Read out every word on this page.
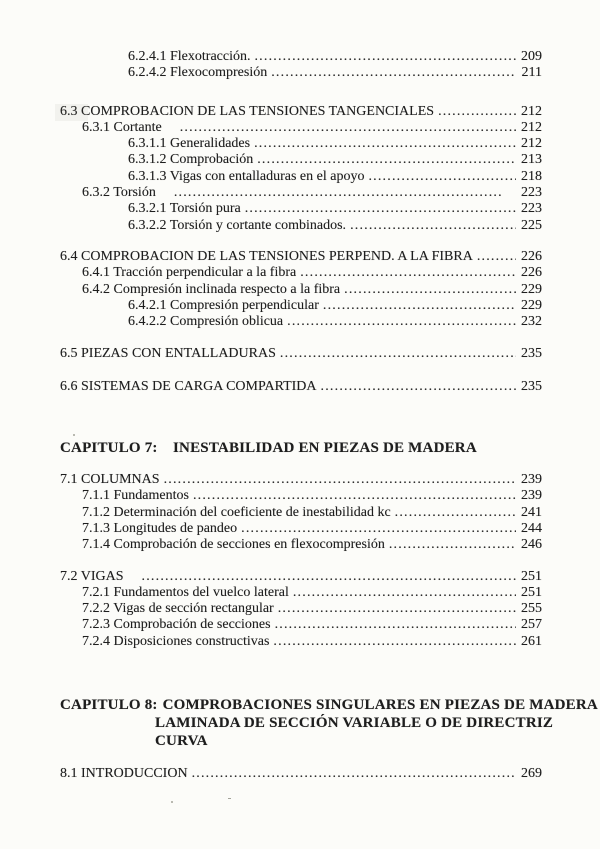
6.2.4.1 Flexotracción. .....	209
6.2.4.2 Flexocompresión .....	211
6.3 COMPROBACION DE LAS TENSIONES TANGENCIALES .....	212
6.3.1 Cortante .....	212
6.3.1.1 Generalidades .....	212
6.3.1.2 Comprobación .....	213
6.3.1.3 Vigas con entalladuras en el apoyo .....	218
6.3.2 Torsión .....	223
6.3.2.1 Torsión pura .....	223
6.3.2.2 Torsión y cortante combinados. .....	225
6.4 COMPROBACION DE LAS TENSIONES PERPEND. A LA FIBRA .....	226
6.4.1 Tracción perpendicular a la fibra .....	226
6.4.2 Compresión inclinada respecto a la fibra .....	229
6.4.2.1 Compresión perpendicular .....	229
6.4.2.2 Compresión oblicua .....	232
6.5 PIEZAS CON ENTALLADURAS .....	235
6.6 SISTEMAS DE CARGA COMPARTIDA .....	235
CAPITULO 7:	INESTABILIDAD EN PIEZAS DE MADERA
7.1 COLUMNAS .....	239
7.1.1 Fundamentos .....	239
7.1.2 Determinación del coeficiente de inestabilidad kc .....	241
7.1.3 Longitudes de pandeo .....	244
7.1.4 Comprobación de secciones en flexocompresión .....	246
7.2 VIGAS .....	251
7.2.1 Fundamentos del vuelco lateral .....	251
7.2.2 Vigas de sección rectangular .....	255
7.2.3 Comprobación de secciones .....	257
7.2.4 Disposiciones constructivas .....	261
CAPITULO 8: COMPROBACIONES SINGULARES EN PIEZAS DE MADERA
LAMINADA DE SECCIÓN VARIABLE O DE DIRECTRIZ
CURVA
8.1 INTRODUCCION .....	269
